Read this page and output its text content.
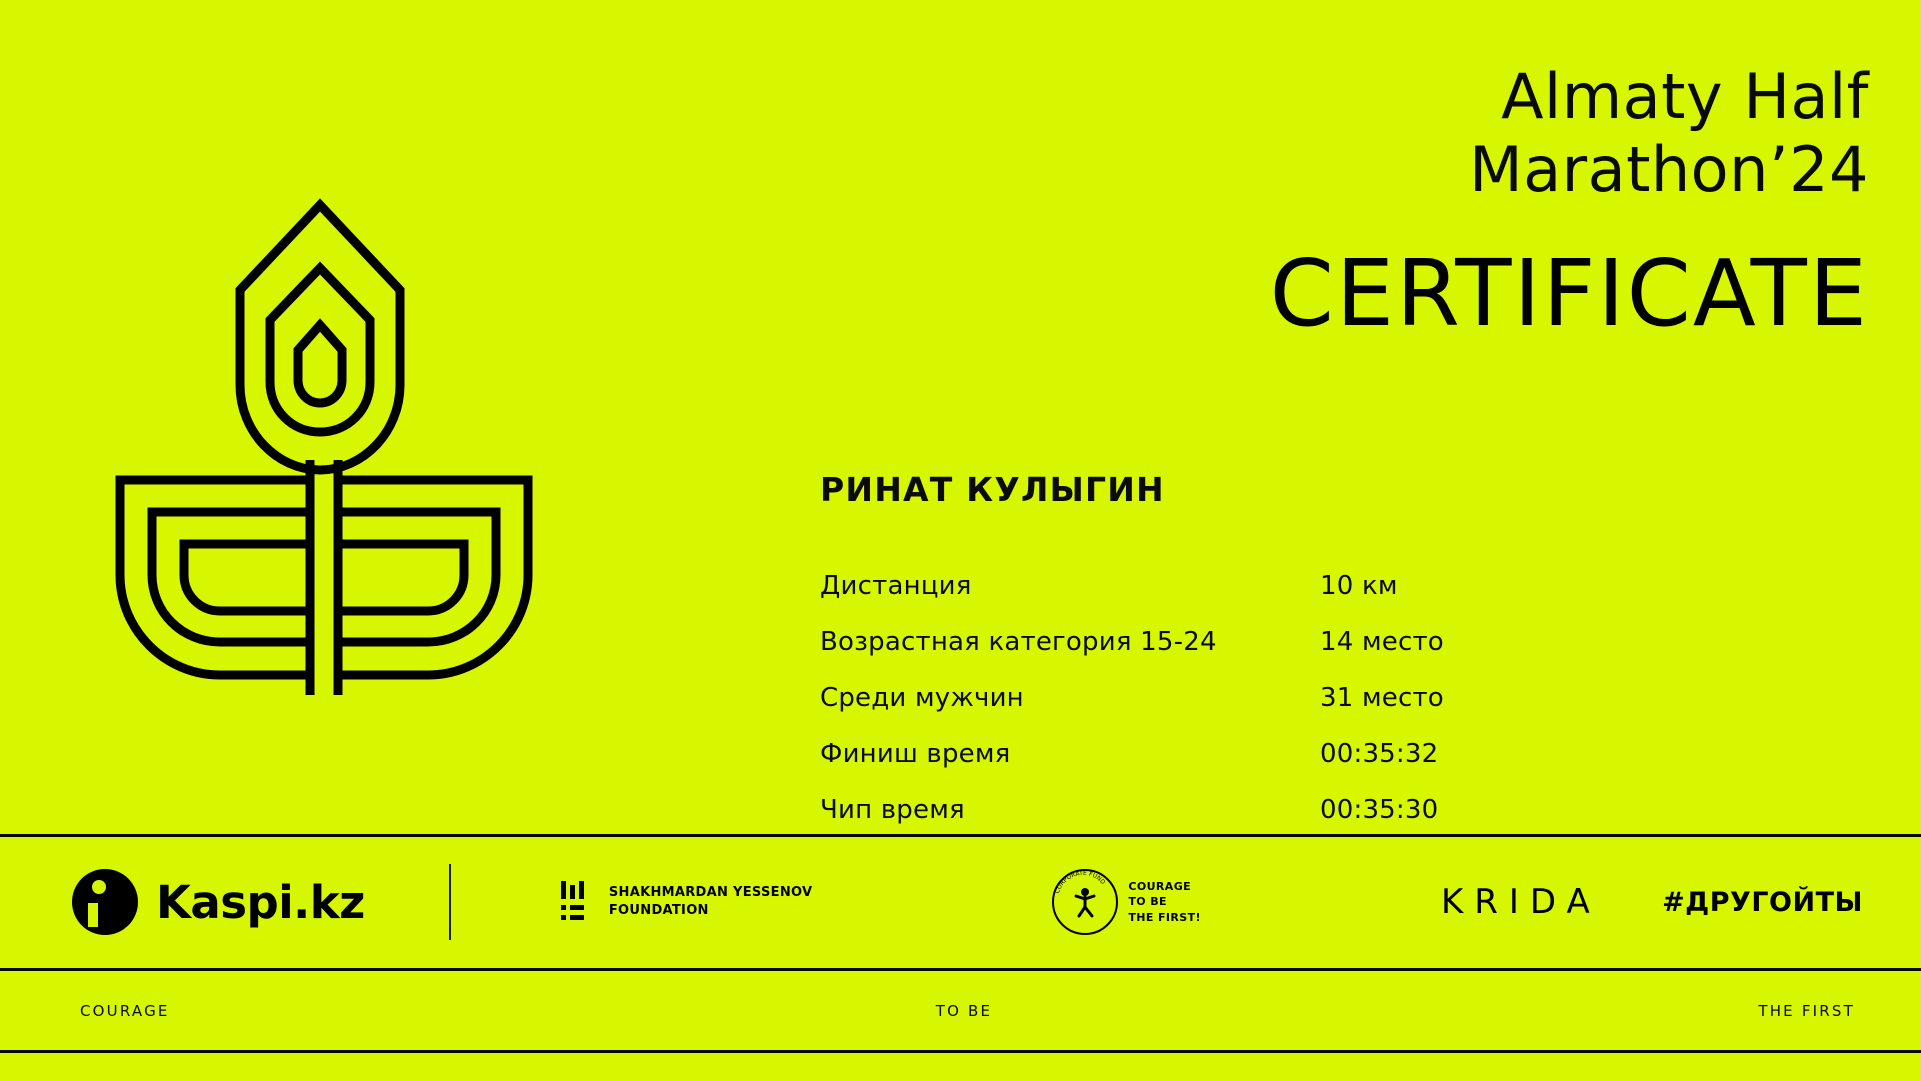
Almaty Half
Marathon’24
CERTIFICATE
РИНАТ КУЛЫГИН
Дистанция	10 км
Возрастная категория 15-24	14 место
Среди мужчин	31 место
Финиш время	00:35:32
Чип время	00:35:30
Kaspi.kz	SHAKHMARDAN YESSENOV
FOUNDATION
CORPORATE FUND COURAGE
TO BE
THE FIRST!	KRIDA #ДРУГОЙТЫ
COURAGE	TO BE	THE FIRST
